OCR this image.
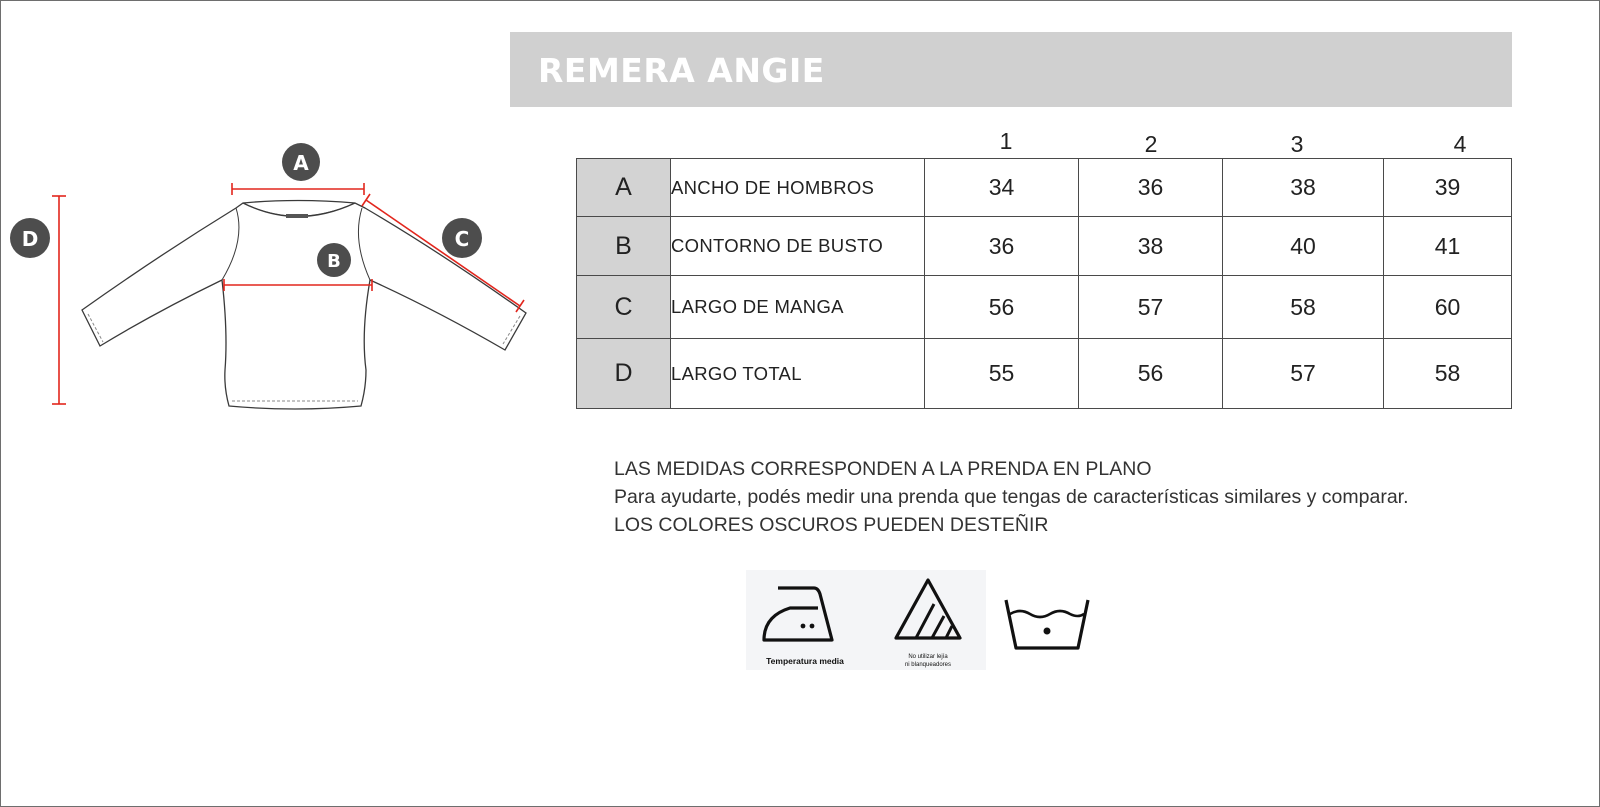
A
B
C
D
REMERA ANGIE
1	2	3	4
A	ANCHO DE HOMBROS	34	36	38	39
B	CONTORNO DE BUSTO	36	38	40	41
C	LARGO DE MANGA	56	57	58	60
D	LARGO TOTAL	55	56	57	58
LAS MEDIDAS CORRESPONDEN A LA PRENDA EN PLANO
Para ayudarte, podés medir una prenda que tengas de características similares y comparar.
LOS COLORES OSCUROS PUEDEN DESTEÑIR
Temperatura media	No utilizar lejía
ni blanqueadores
